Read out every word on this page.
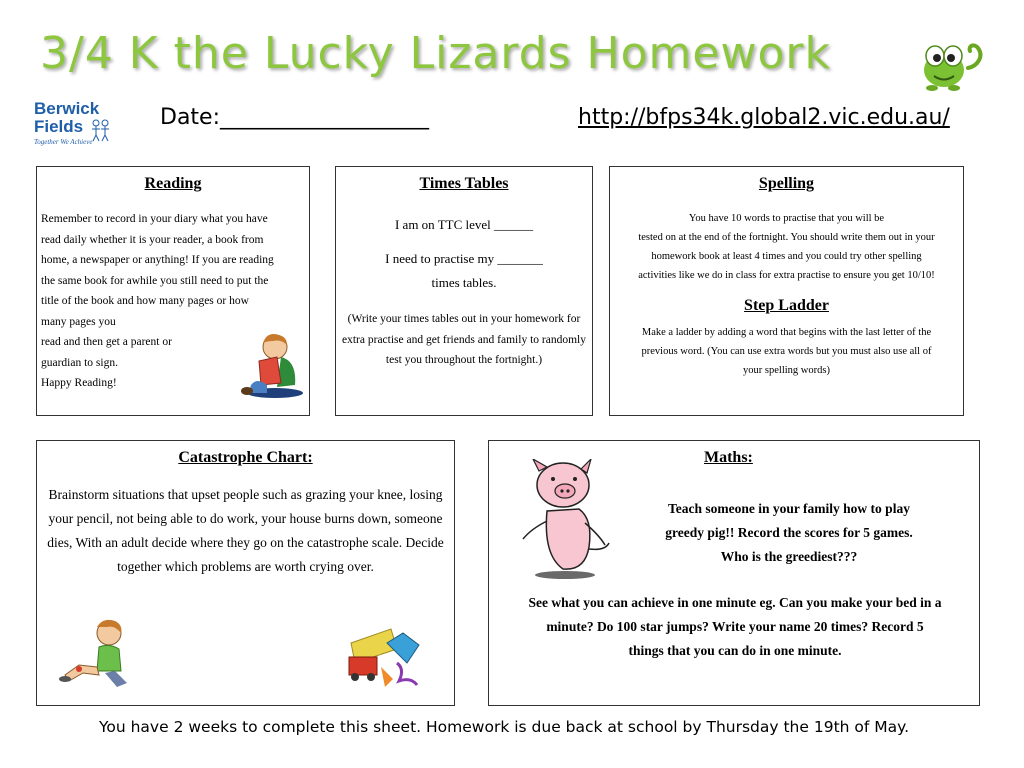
3/4 K the Lucky Lizards Homework
Berwick
Fields
Together We Achieve
Date:___________________	http://bfps34k.global2.vic.edu.au/
Reading

Remember to record in your diary what you have

read daily whether it is your reader, a book from

home, a newspaper or anything! If you are reading

the same book for awhile you still need to put the

title of the book and how many pages or how

many pages you

read and then get a parent or

guardian to sign.

Happy Reading!

Times Tables

I am on TTC level ______

I need to practise my _______

times tables.

(Write your times tables out in your homework for extra practise and get friends and family to randomly test you throughout the fortnight.)

Spelling

You have 10 words to practise that you will be

tested on at the end of the fortnight. You should write them out in your

homework book at least 4 times and you could try other spelling

activities like we do in class for extra practise to ensure you get 10/10!

Step Ladder

Make a ladder by adding a word that begins with the last letter of the

previous word. (You can use extra words but you must also use all of

your spelling words)

Catastrophe Chart:

Brainstorm situations that upset people such as grazing your knee, losing your pencil, not being able to do work, your house burns down, someone dies, With an adult decide where they go on the catastrophe scale. Decide together which problems are worth crying over.

Maths:

Teach someone in your family how to play

greedy pig!! Record the scores for 5 games.

Who is the greediest???

See what you can achieve in one minute eg. Can you make your bed in a

minute? Do 100 star jumps? Write your name 20 times? Record 5

things that you can do in one minute.

You have 2 weeks to complete this sheet. Homework is due back at school by Thursday the 19th of May.
